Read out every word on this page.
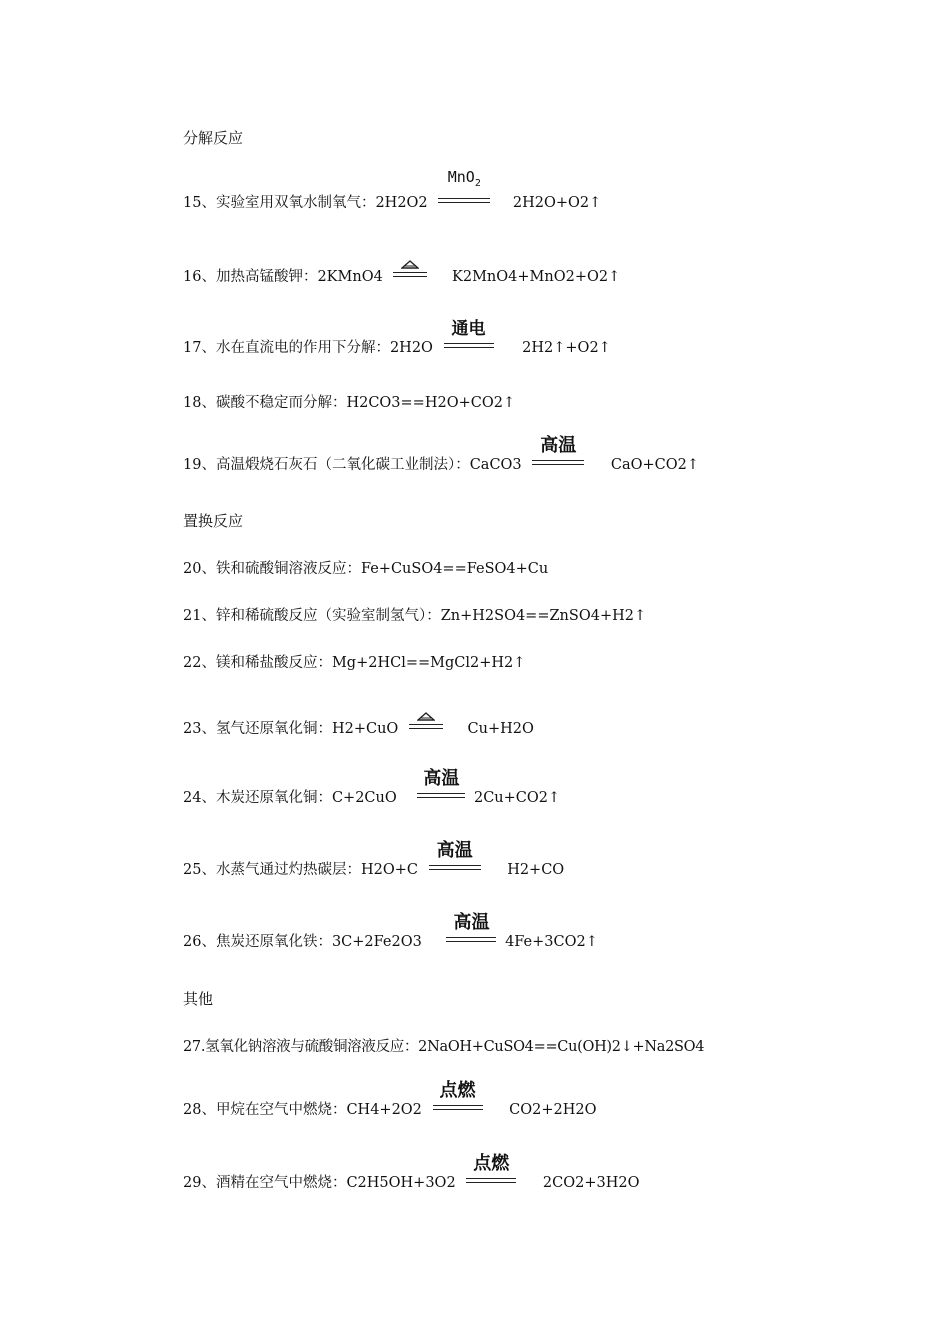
分解反应
15、实验室用双氧水制氧气：2H2O2
MnO$_2$
2H2O+O2↑
16、加热高锰酸钾：2KMnO4	K2MnO4+MnO2+O2↑
17、水在直流电的作用下分解：2H2O
通电
2H2↑+O2↑
18、碳酸不稳定而分解：H2CO3==H2O+CO2↑
19、高温煅烧石灰石（二氧化碳工业制法）：CaCO3
高温
CaO+CO2↑
置换反应
20、铁和硫酸铜溶液反应：Fe+CuSO4==FeSO4+Cu
21、锌和稀硫酸反应（实验室制氢气）：Zn+H2SO4==ZnSO4+H2↑
22、镁和稀盐酸反应：Mg+2HCl==MgCl2+H2↑
23、氢气还原氧化铜：H2+CuO	Cu+H2O
24、木炭还原氧化铜：C+2CuO
高温
2Cu+CO2↑
25、水蒸气通过灼热碳层：H2O+C
高温
H2+CO
26、焦炭还原氧化铁：3C+2Fe2O3
高温
4Fe+3CO2↑
其他
27.氢氧化钠溶液与硫酸铜溶液反应：2NaOH+CuSO4==Cu(OH)2↓+Na2SO4
28、甲烷在空气中燃烧：CH4+2O2
点燃
CO2+2H2O
29、酒精在空气中燃烧：C2H5OH+3O2
点燃
2CO2+3H2O
